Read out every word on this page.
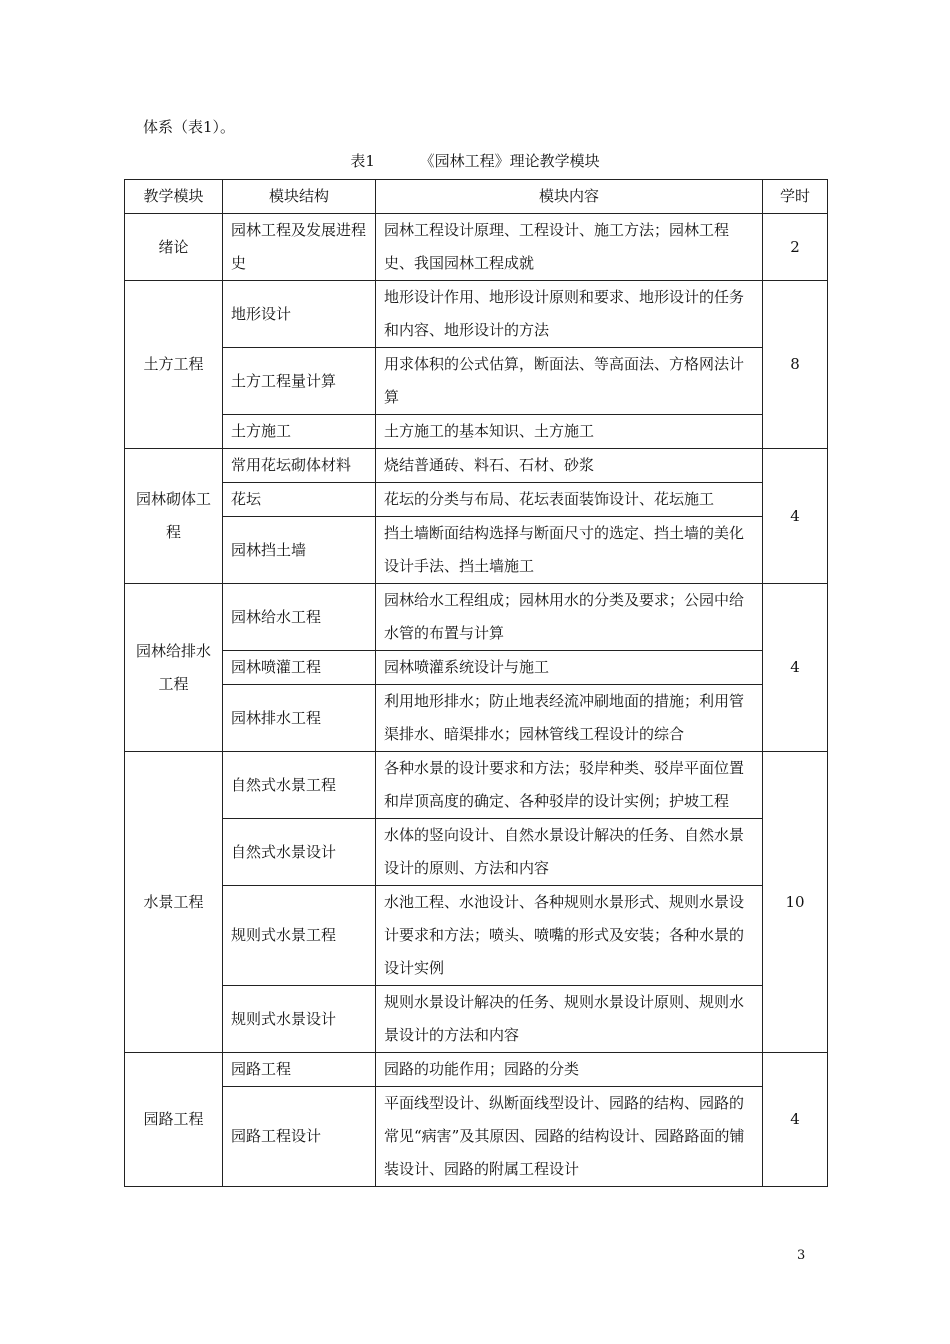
体系（表1）。
表1	《园林工程》理论教学模块
教学模块	模块结构	模块内容	学时
绪论	园林工程及发展进程史	园林工程设计原理、工程设计、施工方法；园林工程史、我国园林工程成就	2
土方工程	地形设计	地形设计作用、地形设计原则和要求、地形设计的任务和内容、地形设计的方法	8
	土方工程量计算	用求体积的公式估算，断面法、等高面法、方格网法计算	
	土方施工	土方施工的基本知识、土方施工	
园林砌体工程	常用花坛砌体材料	烧结普通砖、料石、石材、砂浆	4
	花坛	花坛的分类与布局、花坛表面装饰设计、花坛施工	
	园林挡土墙	挡土墙断面结构选择与断面尺寸的选定、挡土墙的美化设计手法、挡土墙施工	
园林给排水工程	园林给水工程	园林给水工程组成；园林用水的分类及要求；公园中给水管的布置与计算	4
	园林喷灌工程	园林喷灌系统设计与施工	
	园林排水工程	利用地形排水；防止地表经流冲刷地面的措施；利用管渠排水、暗渠排水；园林管线工程设计的综合	
水景工程	自然式水景工程	各种水景的设计要求和方法；驳岸种类、驳岸平面位置和岸顶高度的确定、各种驳岸的设计实例；护坡工程	10
	自然式水景设计	水体的竖向设计、自然水景设计解决的任务、自然水景设计的原则、方法和内容	
	规则式水景工程	水池工程、水池设计、各种规则水景形式、规则水景设计要求和方法；喷头、喷嘴的形式及安装；各种水景的设计实例	
	规则式水景设计	规则水景设计解决的任务、规则水景设计原则、规则水景设计的方法和内容	
园路工程	园路工程	园路的功能作用；园路的分类	4
	园路工程设计	平面线型设计、纵断面线型设计、园路的结构、园路的常见“病害”及其原因、园路的结构设计、园路路面的铺装设计、园路的附属工程设计	
3
